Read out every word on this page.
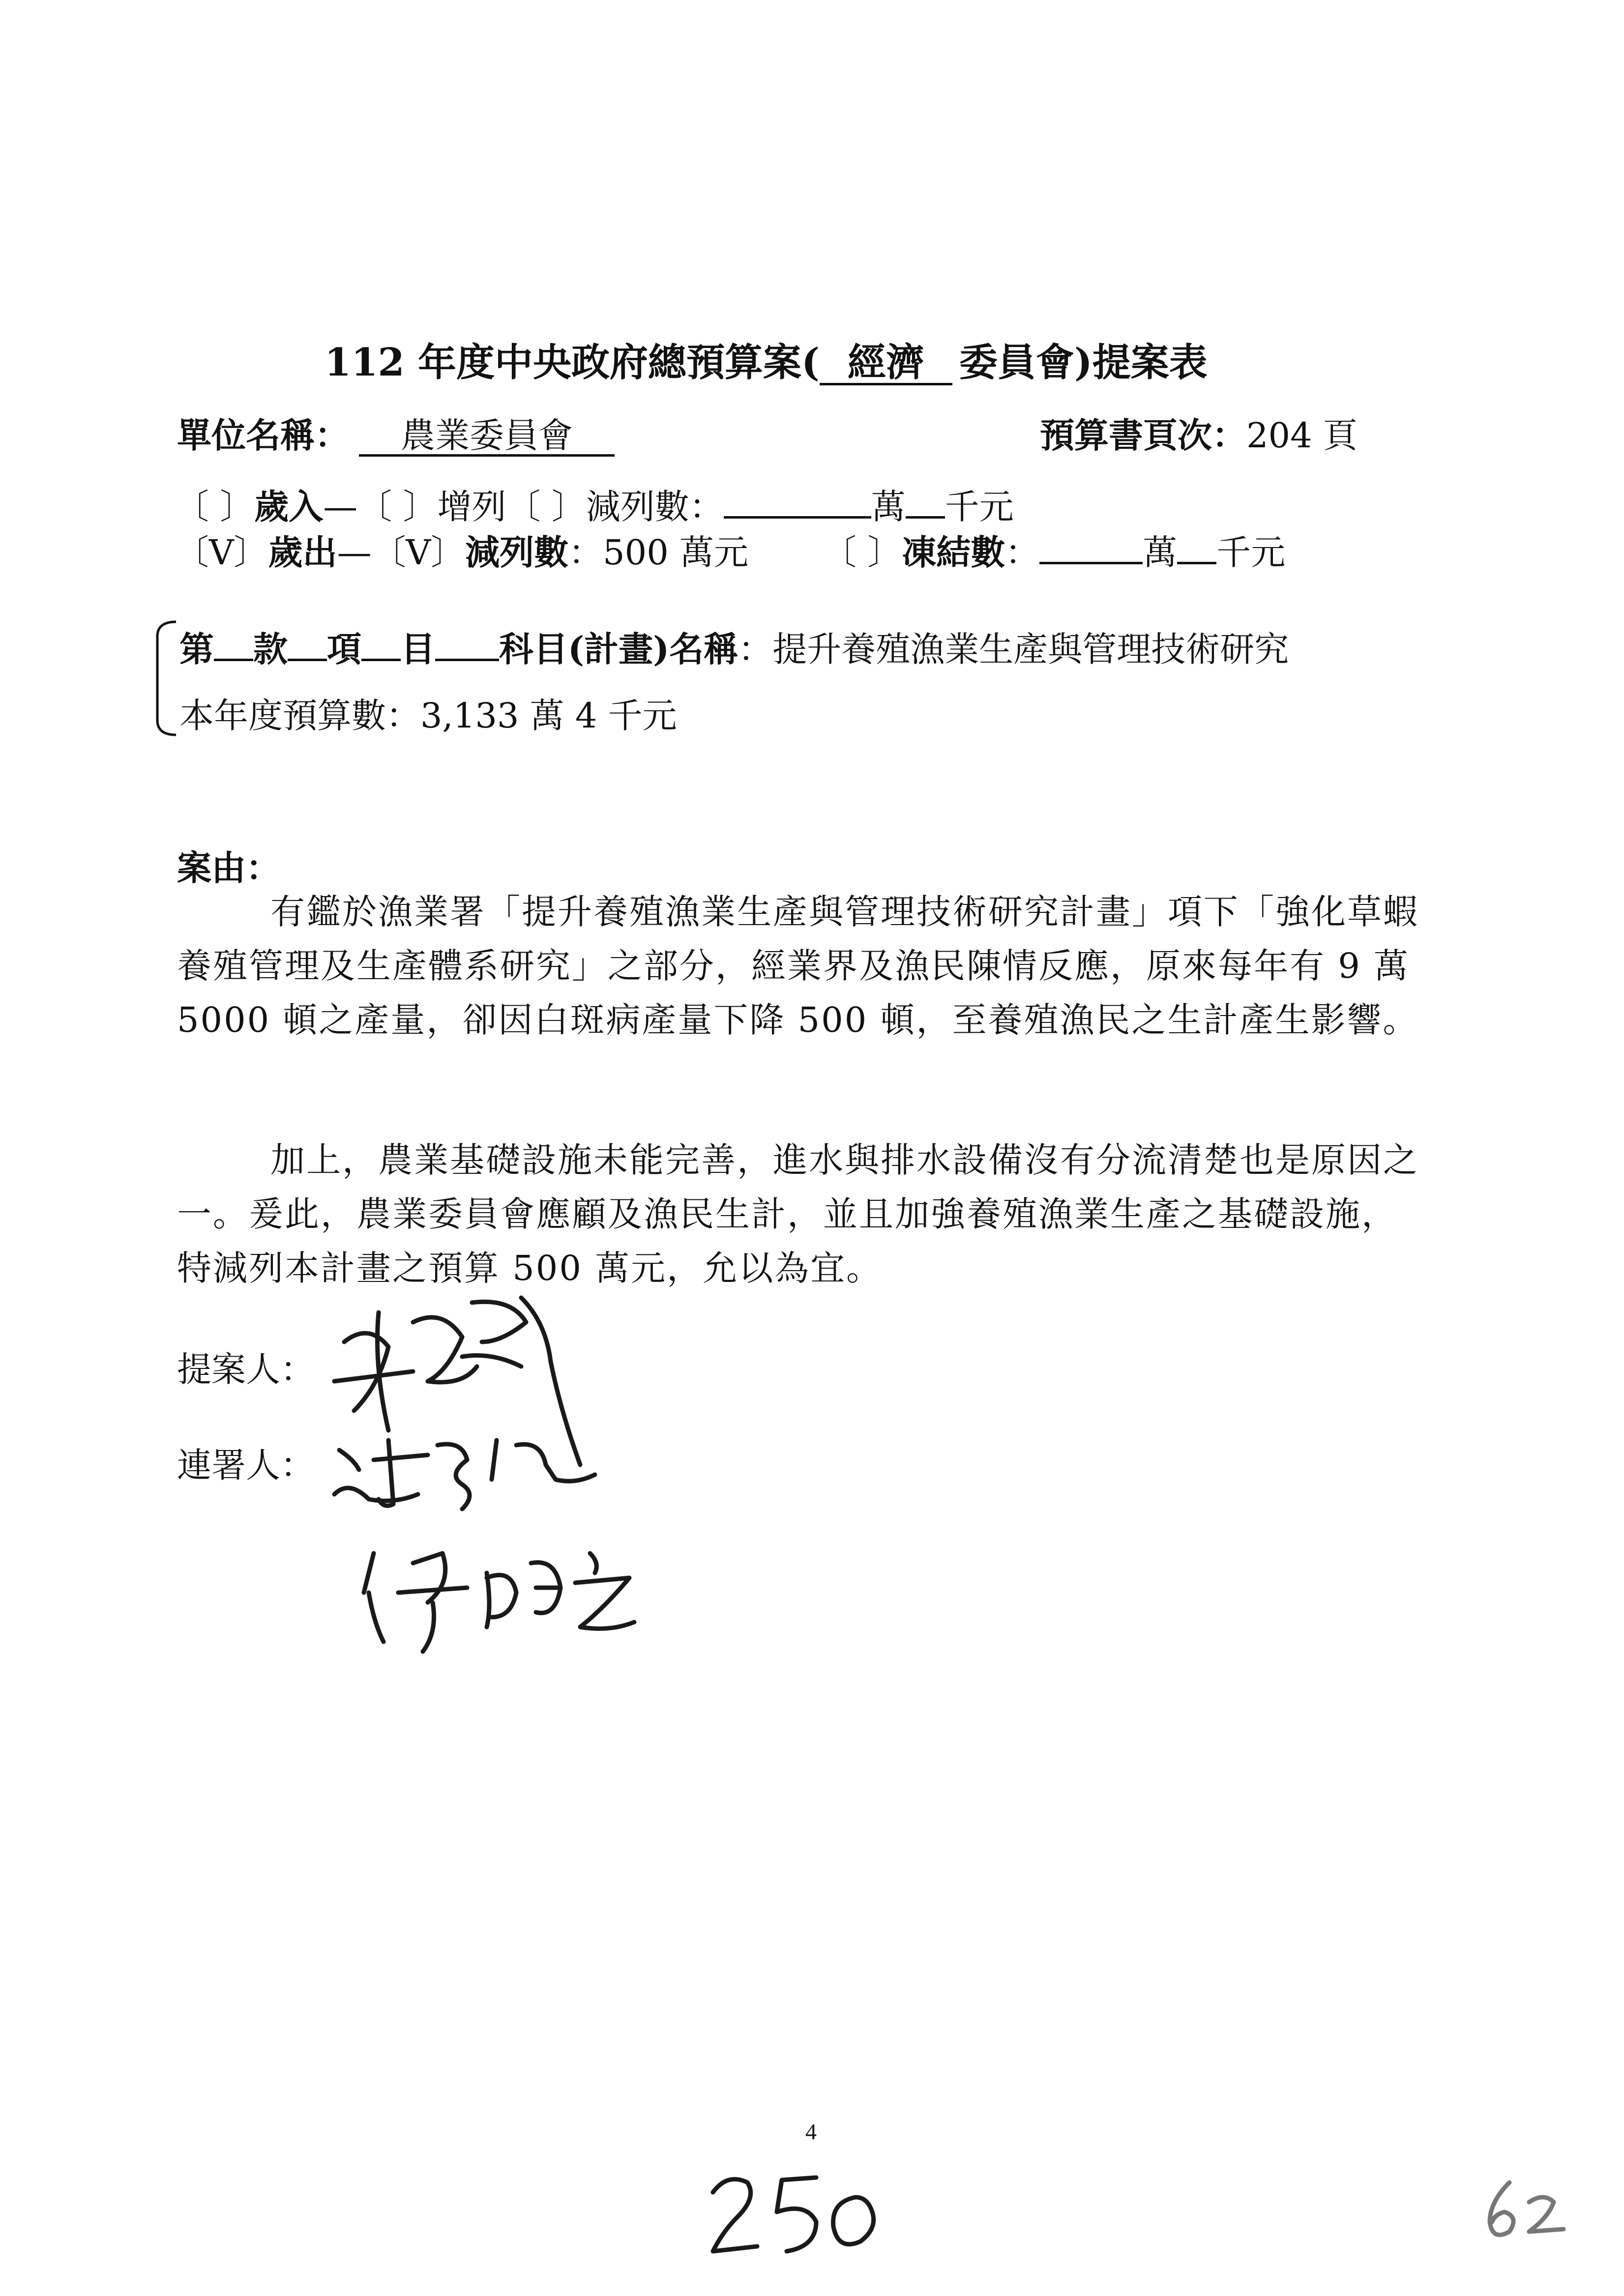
112 年度中央政府總預算案( 經濟 委員會)提案表
單位名稱： 農業委員會	預算書頁次：204 頁
〔 〕歲入—〔 〕增列〔 〕減列數：	萬 千元
〔V〕歲出—〔V〕減列數：500 萬元 〔 〕凍結數：	萬 千元
第 款 項 目 科目(計畫)名稱：提升養殖漁業生產與管理技術研究
本年度預算數：3,133 萬 4 千元
案由：
有鑑於漁業署「提升養殖漁業生產與管理技術研究計畫」項下「強化草蝦養殖管理及生產體系研究」之部分，經業界及漁民陳情反應，原來每年有 9 萬 5000 頓之產量，卻因白斑病產量下降 500 頓，至養殖漁民之生計產生影響。
加上，農業基礎設施未能完善，進水與排水設備沒有分流清楚也是原因之一。爰此，農業委員會應顧及漁民生計，並且加強養殖漁業生產之基礎設施，特減列本計畫之預算 500 萬元，允以為宜。
提案人：
連署人：
4
